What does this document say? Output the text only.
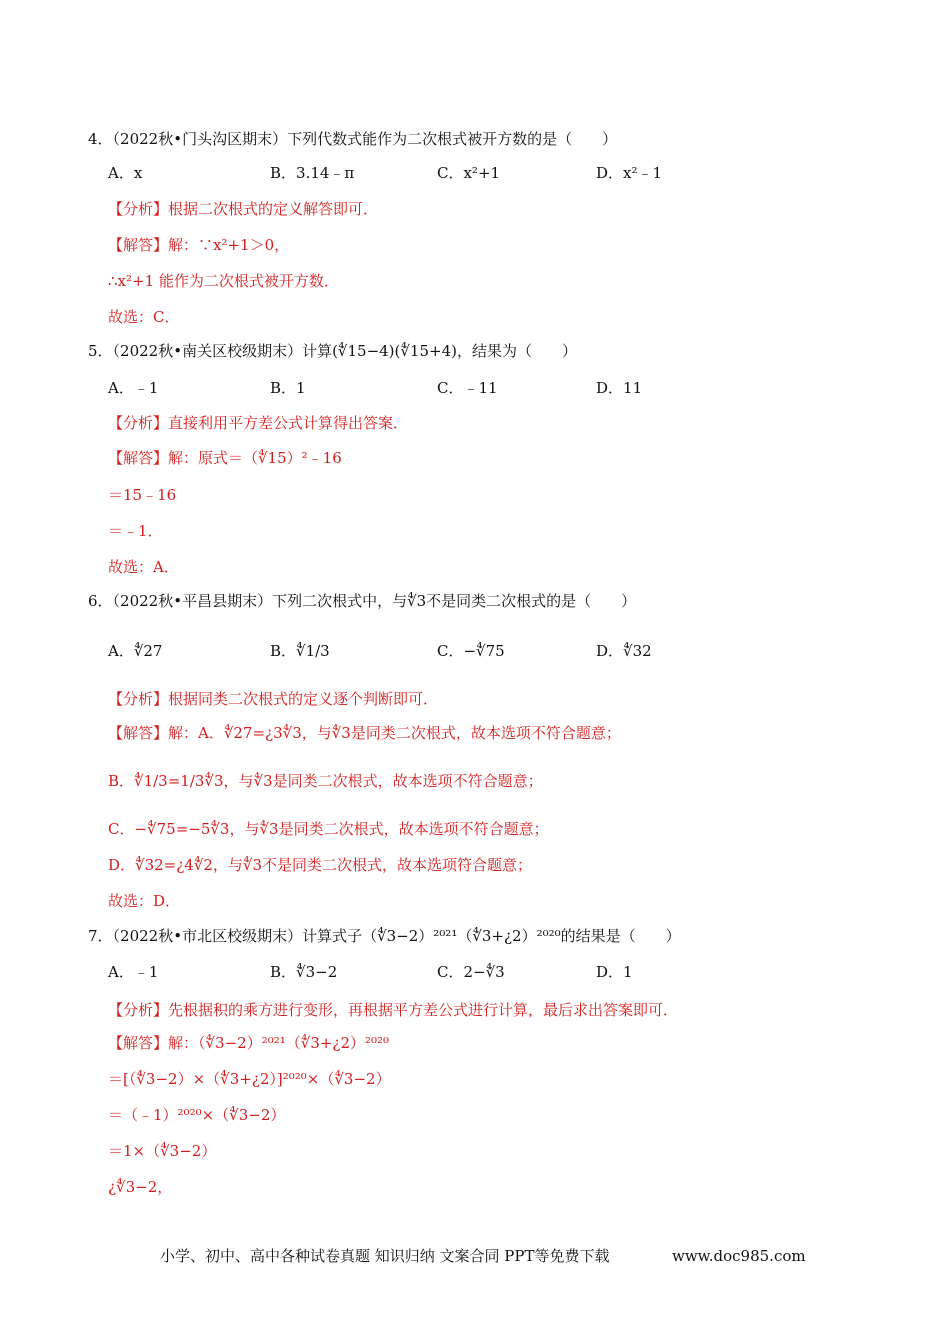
4．（2022秋•门头沟区期末）下列代数式能作为二次根式被开方数的是（　　）
A．x	B．3.14﹣π	C．x²+1	D．x²﹣1
【分析】根据二次根式的定义解答即可．
【解答】解：∵x²+1＞0，
∴x²+1 能作为二次根式被开方数．
故选：C．
5．（2022秋•南关区校级期末）计算(∜15−4)(∜15+4)，结果为（　　）
A．﹣1	B．1	C．﹣11	D．11
【分析】直接利用平方差公式计算得出答案．
【解答】解：原式＝（∜15）²﹣16
＝15﹣16
＝﹣1．
故选：A．
6．（2022秋•平昌县期末）下列二次根式中，与∜3不是同类二次根式的是（　　）
A．∜27	B．∜1/3	C．−∜75	D．∜32
【分析】根据同类二次根式的定义逐个判断即可．
【解答】解：A．∜27=¿3∜3，与∜3是同类二次根式，故本选项不符合题意；
B．∜1/3=1/3∜3，与∜3是同类二次根式，故本选项不符合题意；
C．−∜75=−5∜3，与∜3是同类二次根式，故本选项不符合题意；
D．∜32=¿4∜2，与∜3不是同类二次根式，故本选项符合题意；
故选：D．
7．（2022秋•市北区校级期末）计算式子（∜3−2）²⁰²¹（∜3+¿2）²⁰²⁰的结果是（　　）
A．﹣1	B．∜3−2	C．2−∜3	D．1
【分析】先根据积的乘方进行变形，再根据平方差公式进行计算，最后求出答案即可．
【解答】解：（∜3−2）²⁰²¹（∜3+¿2）²⁰²⁰
＝[（∜3−2）×（∜3+¿2）]²⁰²⁰×（∜3−2）
＝（﹣1）²⁰²⁰×（∜3−2）
＝1×（∜3−2）
¿∜3−2，
小学、初中、高中各种试卷真题 知识归纳 文案合同 PPT等免费下载	www.doc985.com
